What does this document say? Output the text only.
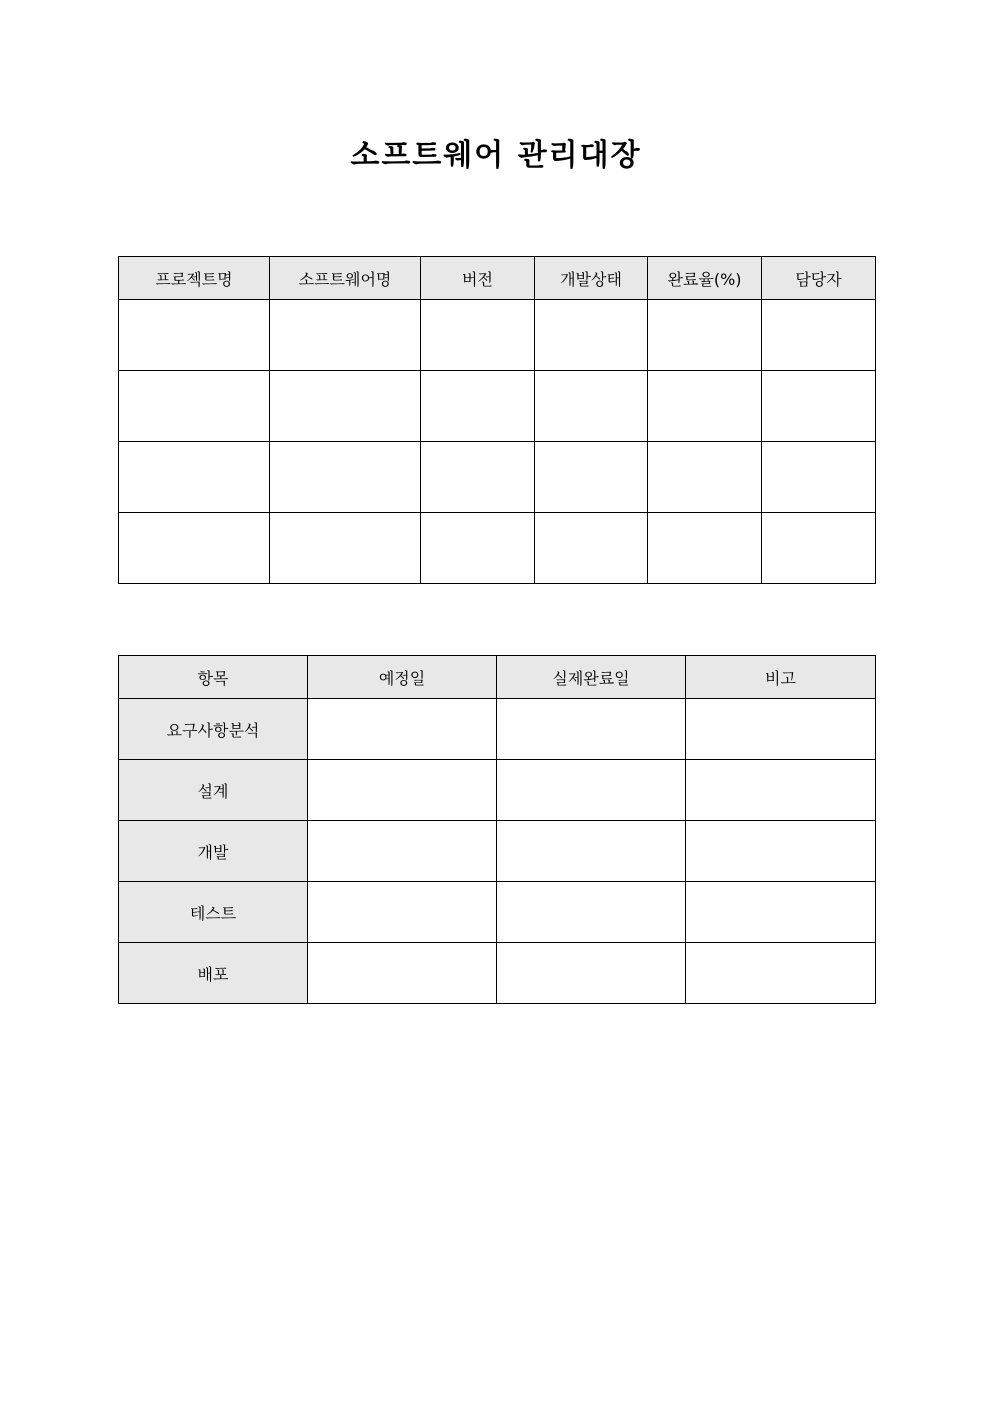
소프트웨어 관리대장
프로젝트명	소프트웨어명	버전	개발상태	완료율(%)	담당자

항목	예정일	실제완료일	비고
요구사항분석			
설계			
개발			
테스트			
배포			
